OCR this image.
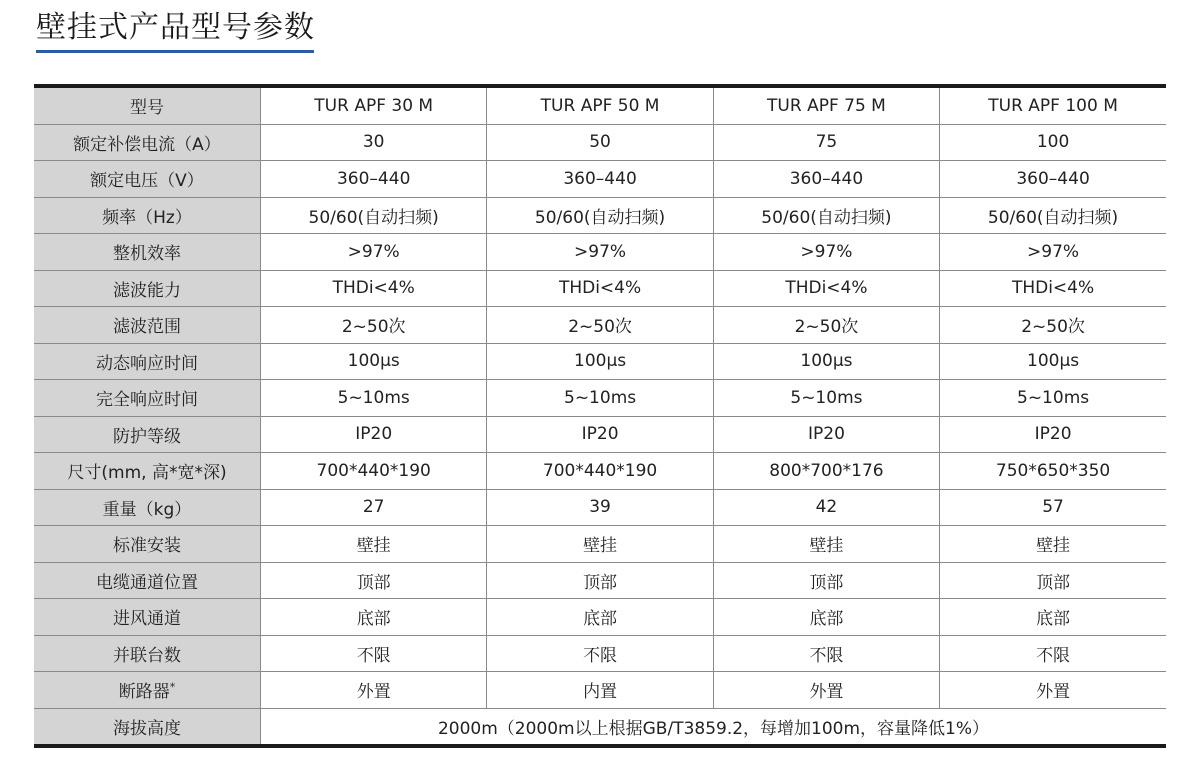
壁挂式产品型号参数
型号	TUR APF 30 M	TUR APF 50 M	TUR APF 75 M	TUR APF 100 M
额定补偿电流（A）	30	50	75	100
额定电压（V）	360–440	360–440	360–440	360–440
频率（Hz）	50/60(自动扫频)	50/60(自动扫频)	50/60(自动扫频)	50/60(自动扫频)
整机效率	>97%	>97%	>97%	>97%
滤波能力	THDi<4%	THDi<4%	THDi<4%	THDi<4%
滤波范围	2~50次	2~50次	2~50次	2~50次
动态响应时间	100μs	100μs	100μs	100μs
完全响应时间	5~10ms	5~10ms	5~10ms	5~10ms
防护等级	IP20	IP20	IP20	IP20
尺寸(mm, 高*宽*深)	700*440*190	700*440*190	800*700*176	750*650*350
重量（kg）	27	39	42	57
标准安装	壁挂	壁挂	壁挂	壁挂
电缆通道位置	顶部	顶部	顶部	顶部
进风通道	底部	底部	底部	底部
并联台数	不限	不限	不限	不限
断路器*	外置	内置	外置	外置
海拔高度	2000m（2000m以上根据GB/T3859.2，每增加100m，容量降低1%）			
